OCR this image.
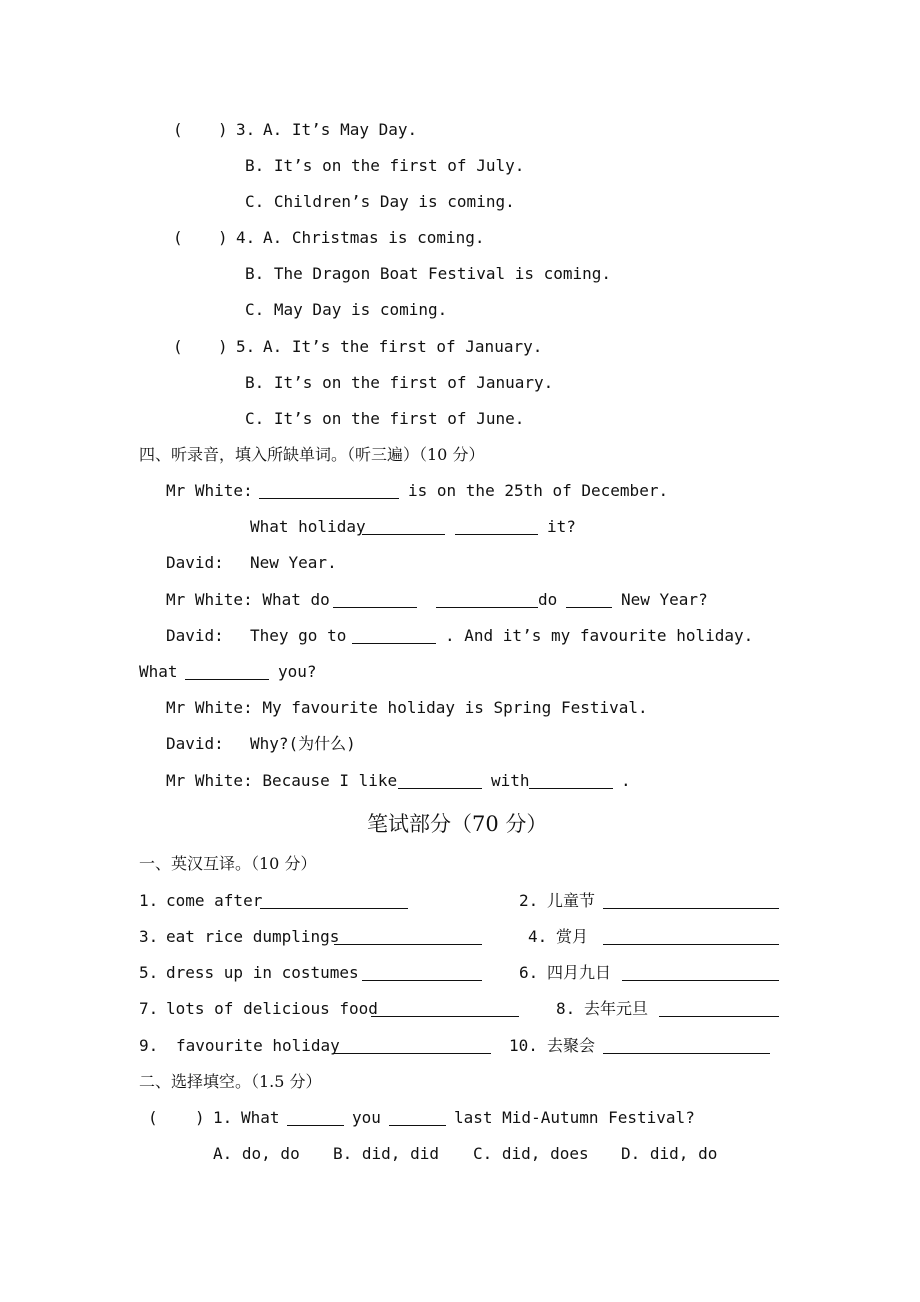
( ) 3. A. It’s May Day.
B. It’s on the first of July.
C. Children’s Day is coming.
( ) 4. A. Christmas is coming.
B. The Dragon Boat Festival is coming.
C. May Day is coming.
( ) 5. A. It’s the first of January.
B. It’s on the first of January.
C. It’s on the first of June.
四、听录音，填入所缺单词。（听三遍）（10 分）
Mr White:	is on the 25th of December.
What holiday	it?
David: New Year.
Mr White: What do	do	New Year?
David: They go to	. And it’s my favourite holiday.
What	you?
Mr White: My favourite holiday is Spring Festival.
David: Why?(为什么)
Mr White: Because I like	with	.
笔试部分（70 分）
一、英汉互译。（10 分）
1. come after	2. 儿童节
3. eat rice dumplings	4. 赏月
5. dress up in costumes	6. 四月九日
7. lots of delicious food	8. 去年元旦
9. favourite holiday	10. 去聚会
二、选择填空。（1.5 分）
( ) 1. What	you	last Mid-Autumn Festival?
A. do, do B. did, did C. did, does D. did, do
